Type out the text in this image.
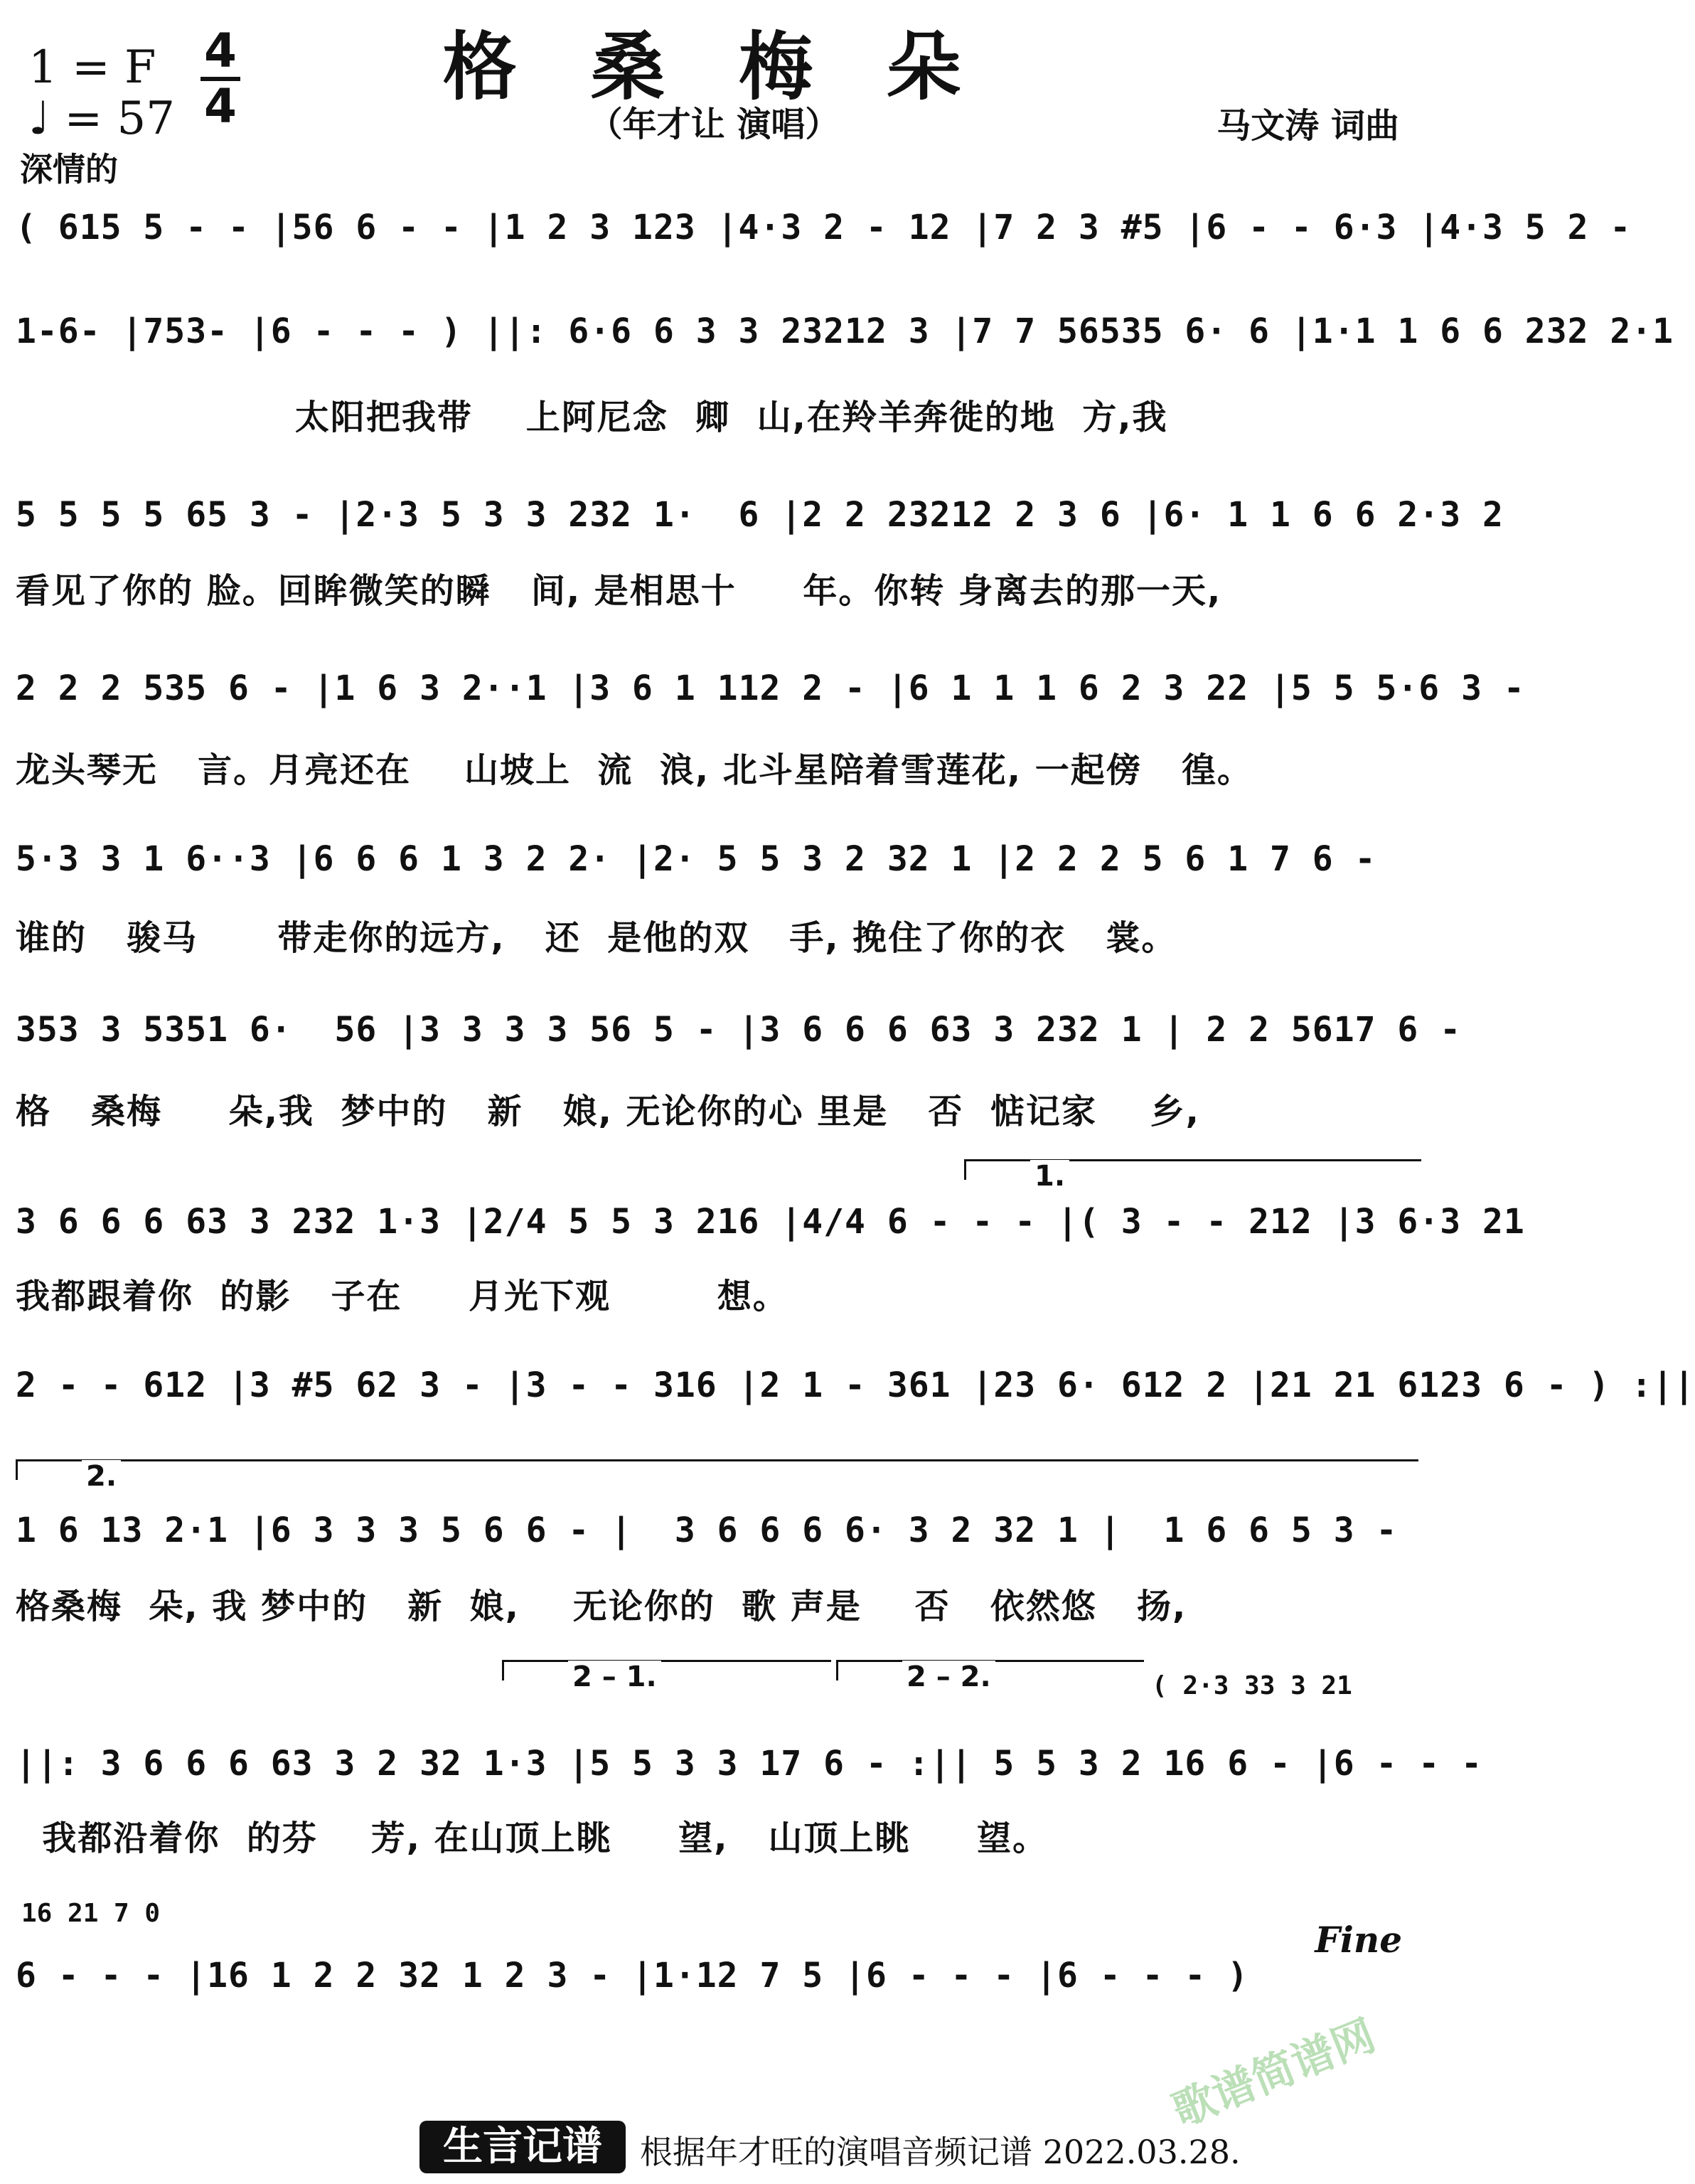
格 桑 梅 朵
1 = F
♩ = 57
4
4	（年才让 演唱）	马文涛 词曲
深情的
( 615 5 - - |56 6 - - |1 2 3 123 |4·3 2 - 12 |7 2 3 #5 |6 - - 6·3 |4·3 5 2 -
1-6- |753- |6 - - - ) ||: 6·6 6 3 3 23212 3 |7 7 56535 6· 6 |1·1 1 6 6 232 2·1
太阳把我带    上阿尼念  卿  山,在羚羊奔徙的地  方,我
5 5 5 5 65 3 - |2·3 5 3 3 232 1·  6 |2 2 23212 2 3 6 |6· 1 1 6 6 2·3 2
看见了你的 脸。回眸微笑的瞬   间, 是相思十     年。你转 身离去的那一天,
2 2 2 535 6 - |1 6 3 2··1 |3 6 1 112 2 - |6 1 1 1 6 2 3 22 |5 5 5·6 3 -
龙头琴无   言。月亮还在    山坡上  流  浪, 北斗星陪着雪莲花, 一起傍   徨。
5·3 3 1 6··3 |6 6 6 1 3 2 2· |2· 5 5 3 2 32 1 |2 2 2 5 6 1 7 6 -
谁的   骏马      带走你的远方,   还  是他的双   手, 挽住了你的衣   裳。
353 3 5351 6·  56 |3 3 3 3 56 5 - |3 6 6 6 63 3 232 1 | 2 2 5617 6 -
格   桑梅     朵,我  梦中的   新   娘, 无论你的心 里是   否  惦记家    乡,
1.
3 6 6 6 63 3 232 1·3 |2/4 5 5 3 216 |4/4 6 - - - |( 3 - - 212 |3 6·3 21
我都跟着你  的影   子在     月光下观        想。
2 - - 612 |3 #5 62 3 - |3 - - 316 |2 1 - 361 |23 6· 612 2 |21 21 6123 6 - ) :||
2.
1 6 13 2·1 |6 3 3 3 5 6 6 - |  3 6 6 6 6· 3 2 32 1 |  1 6 6 5 3 -
格桑梅  朵, 我 梦中的   新  娘,    无论你的  歌 声是    否   依然悠   扬,
2 – 1.	2 – 2.	( 2·3 33 3 21
||: 3 6 6 6 63 3 2 32 1·3 |5 5 3 3 17 6 - :|| 5 5 3 2 16 6 - |6 - - -
我都沿着你  的芬    芳, 在山顶上眺     望,   山顶上眺     望。
16 21 7 0
Fine
6 - - - |16 1 2 2 32 1 2 3 - |1·12 7 5 |6 - - - |6 - - - )
歌谱简谱网
生言记谱	根据年才旺的演唱音频记谱 2022.03.28.
